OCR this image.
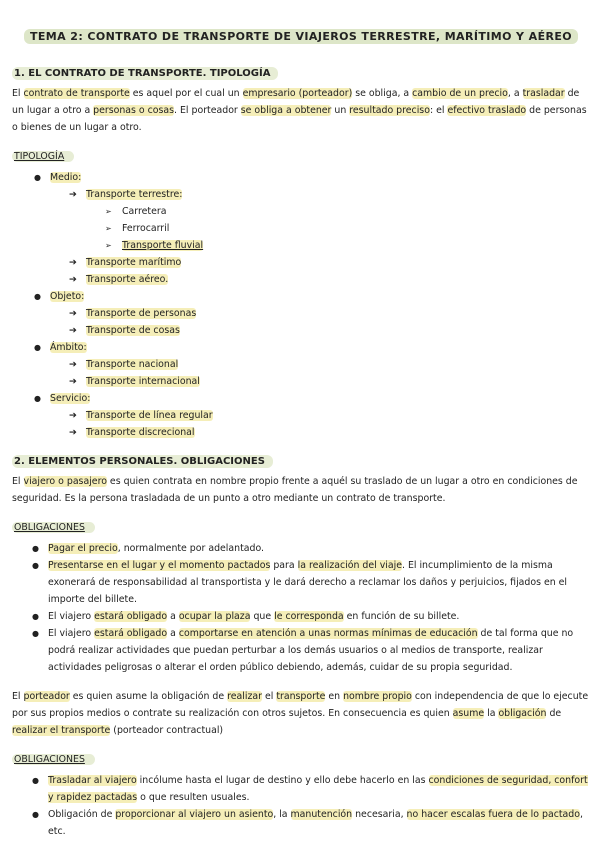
TEMA 2: CONTRATO DE TRANSPORTE DE VIAJEROS TERRESTRE, MARÍTIMO Y AÉREO
1. EL CONTRATO DE TRANSPORTE. TIPOLOGÍA

El contrato de transporte es aquel por el cual un empresario (porteador) se obliga, a cambio de un precio, a trasladar de un lugar a otro a personas o cosas. El porteador se obliga a obtener un resultado preciso: el efectivo traslado de personas o bienes de un lugar a otro.

TIPOLOGÍA
● Medio:
➔ Transporte terrestre:
➢ Carretera
➢ Ferrocarril
➢ Transporte fluvial
➔ Transporte marítimo
➔ Transporte aéreo.
● Objeto:
➔ Transporte de personas
➔ Transporte de cosas
● Ámbito:
➔ Transporte nacional
➔ Transporte internacional
● Servicio:
➔ Transporte de línea regular
➔ Transporte discrecional
2. ELEMENTOS PERSONALES. OBLIGACIONES

El viajero o pasajero es quien contrata en nombre propio frente a aquél su traslado de un lugar a otro en condiciones de seguridad. Es la persona trasladada de un punto a otro mediante un contrato de transporte.

OBLIGACIONES
● Pagar el precio, normalmente por adelantado.
● Presentarse en el lugar y el momento pactados para la realización del viaje. El incumplimiento de la misma exonerará de responsabilidad al transportista y le dará derecho a reclamar los daños y perjuicios, fijados en el importe del billete.
● El viajero estará obligado a ocupar la plaza que le corresponda en función de su billete.
● El viajero estará obligado a comportarse en atención a unas normas mínimas de educación de tal forma que no podrá realizar actividades que puedan perturbar a los demás usuarios o al medios de transporte, realizar actividades peligrosas o alterar el orden público debiendo, además, cuidar de su propia seguridad.

El porteador es quien asume la obligación de realizar el transporte en nombre propio con independencia de que lo ejecute por sus propios medios o contrate su realización con otros sujetos. En consecuencia es quien asume la obligación de realizar el transporte (porteador contractual)

OBLIGACIONES
● Trasladar al viajero incólume hasta el lugar de destino y ello debe hacerlo en las condiciones de seguridad, confort y rapidez pactadas o que resulten usuales.
● Obligación de proporcionar al viajero un asiento, la manutención necesaria, no hacer escalas fuera de lo pactado, etc.
